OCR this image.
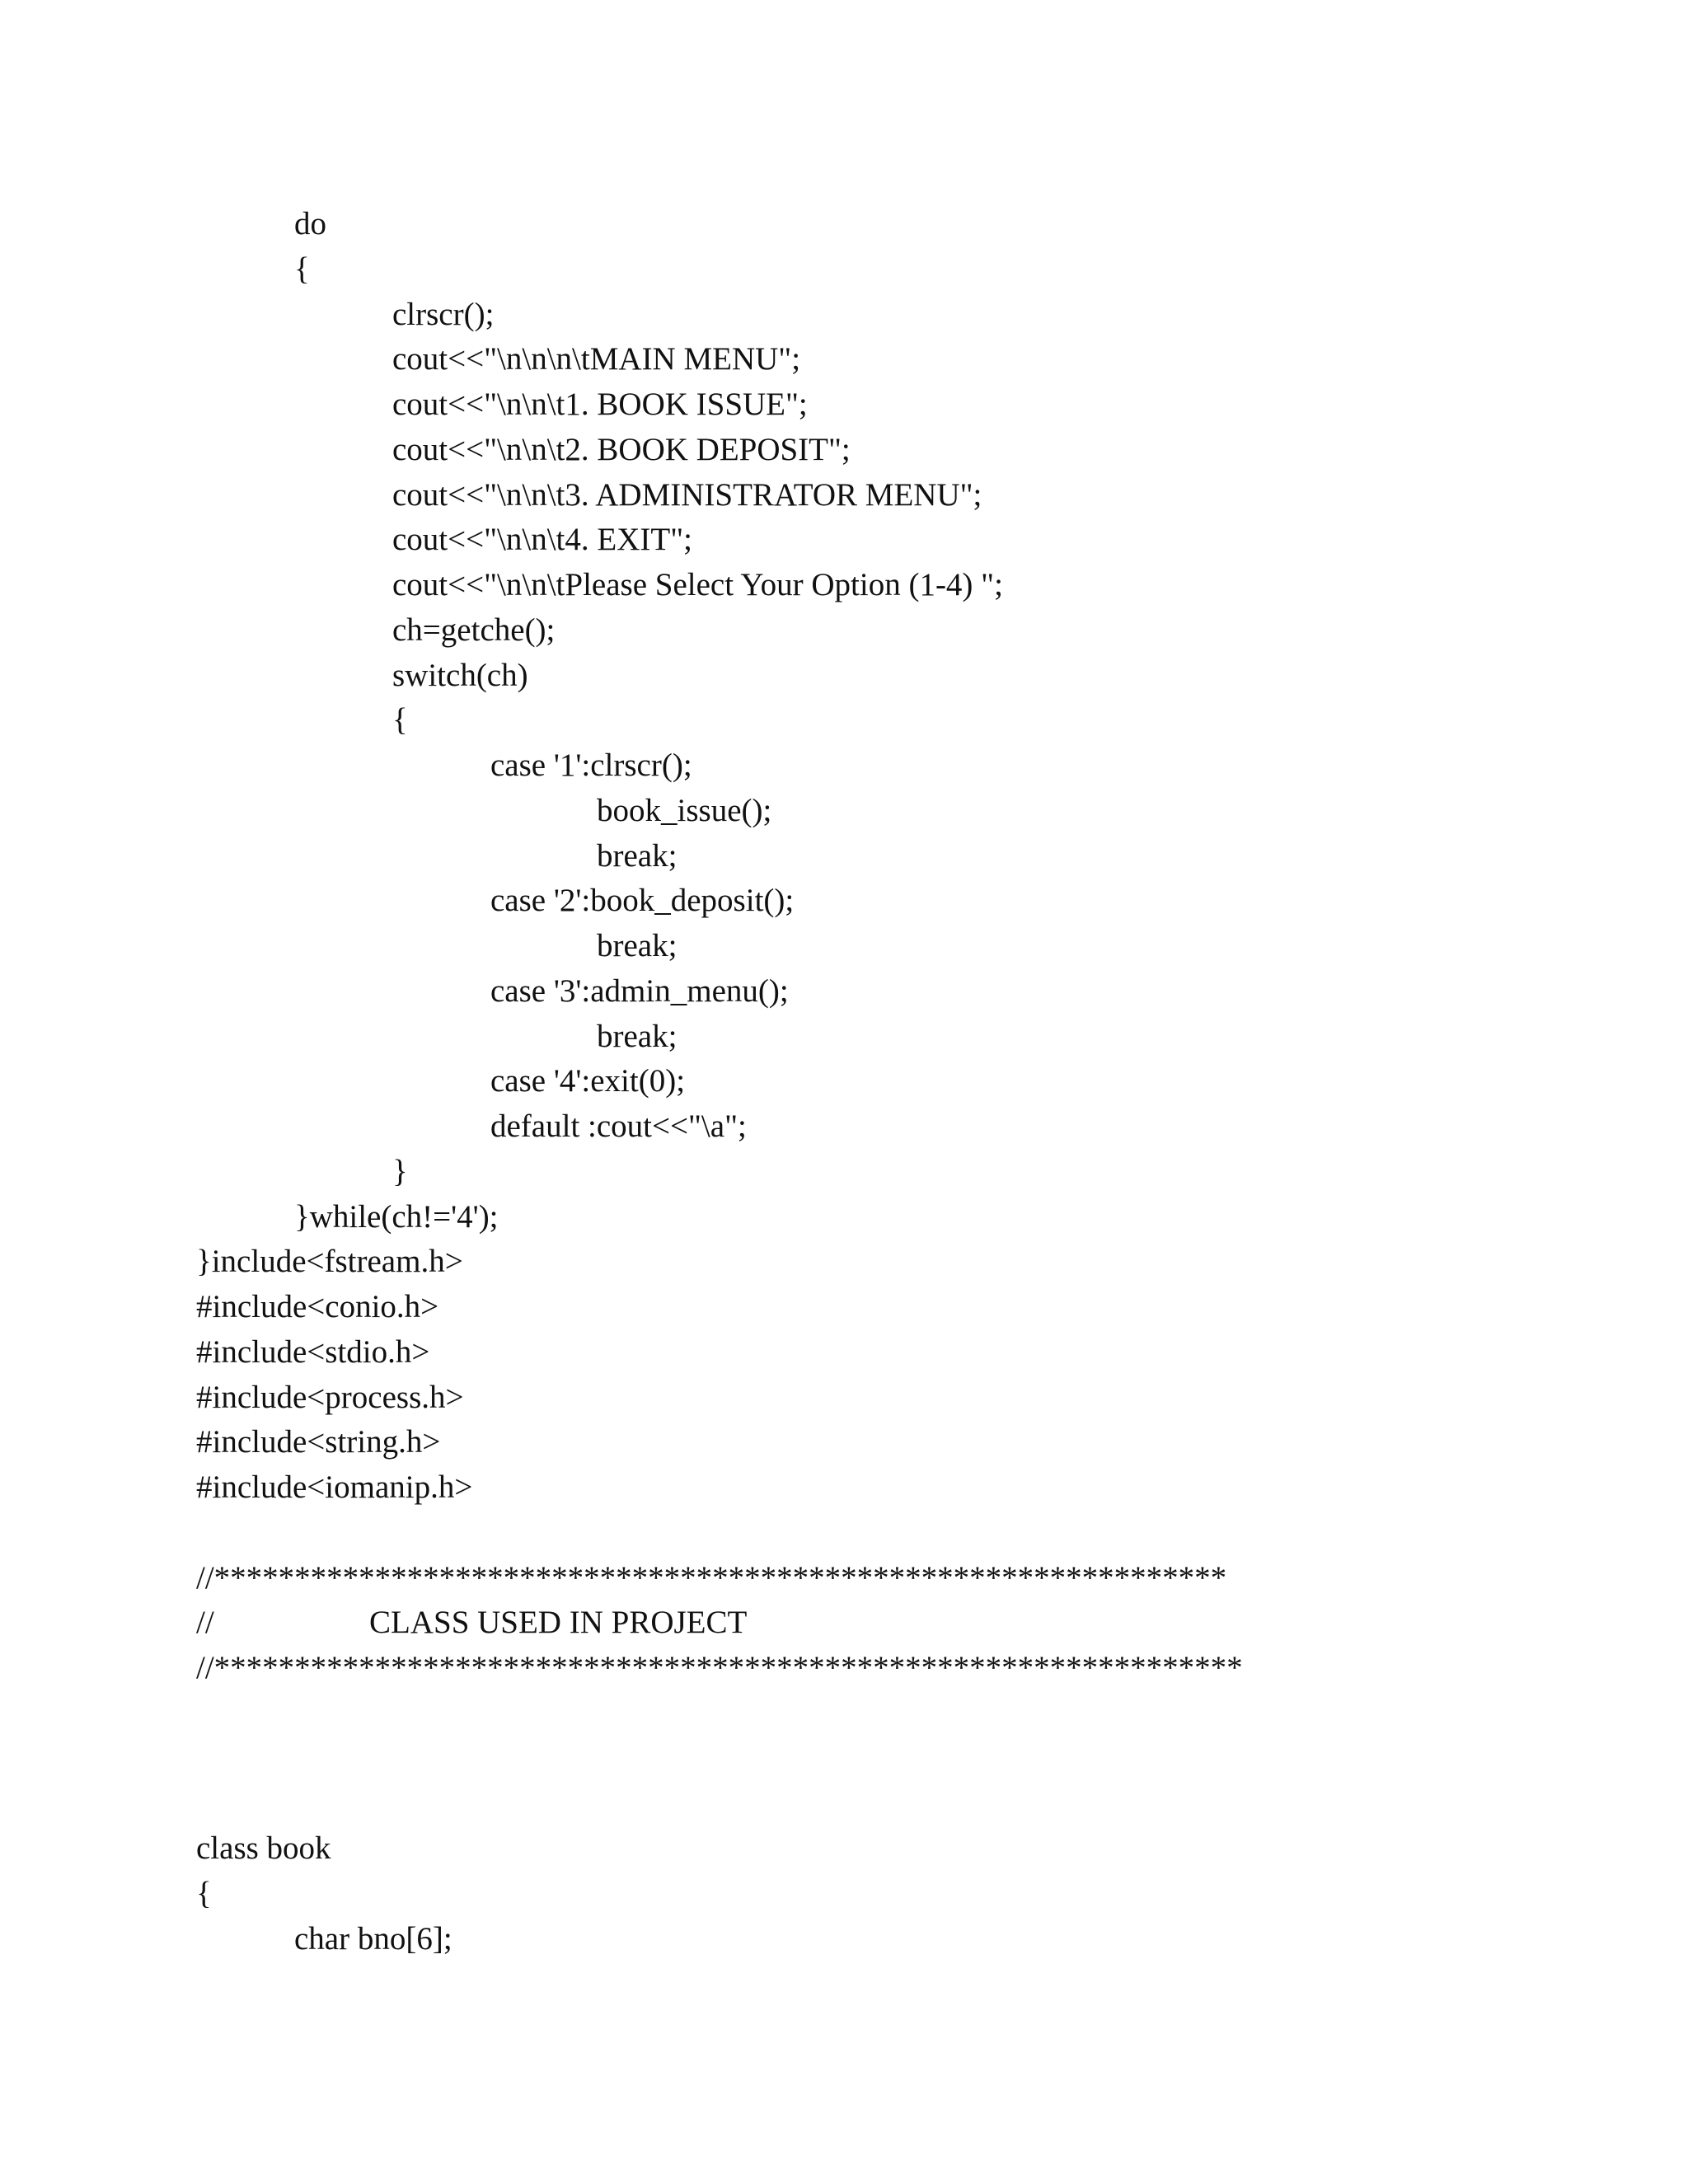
do
{
clrscr();
cout<<"\n\n\n\tMAIN MENU";
cout<<"\n\n\t1. BOOK ISSUE";
cout<<"\n\n\t2. BOOK DEPOSIT";
cout<<"\n\n\t3. ADMINISTRATOR MENU";
cout<<"\n\n\t4. EXIT";
cout<<"\n\n\tPlease Select Your Option (1-4) ";
ch=getche();
switch(ch)
{
case '1':clrscr();
book_issue();
break;
case '2':book_deposit();
break;
case '3':admin_menu();
break;
case '4':exit(0);
default :cout<<"\a";
}
}while(ch!='4');
}include<fstream.h>
#include<conio.h>
#include<stdio.h>
#include<process.h>
#include<string.h>
#include<iomanip.h>
//***************************************************************
//	CLASS USED IN PROJECT
//****************************************************************
class book
{
char bno[6];
